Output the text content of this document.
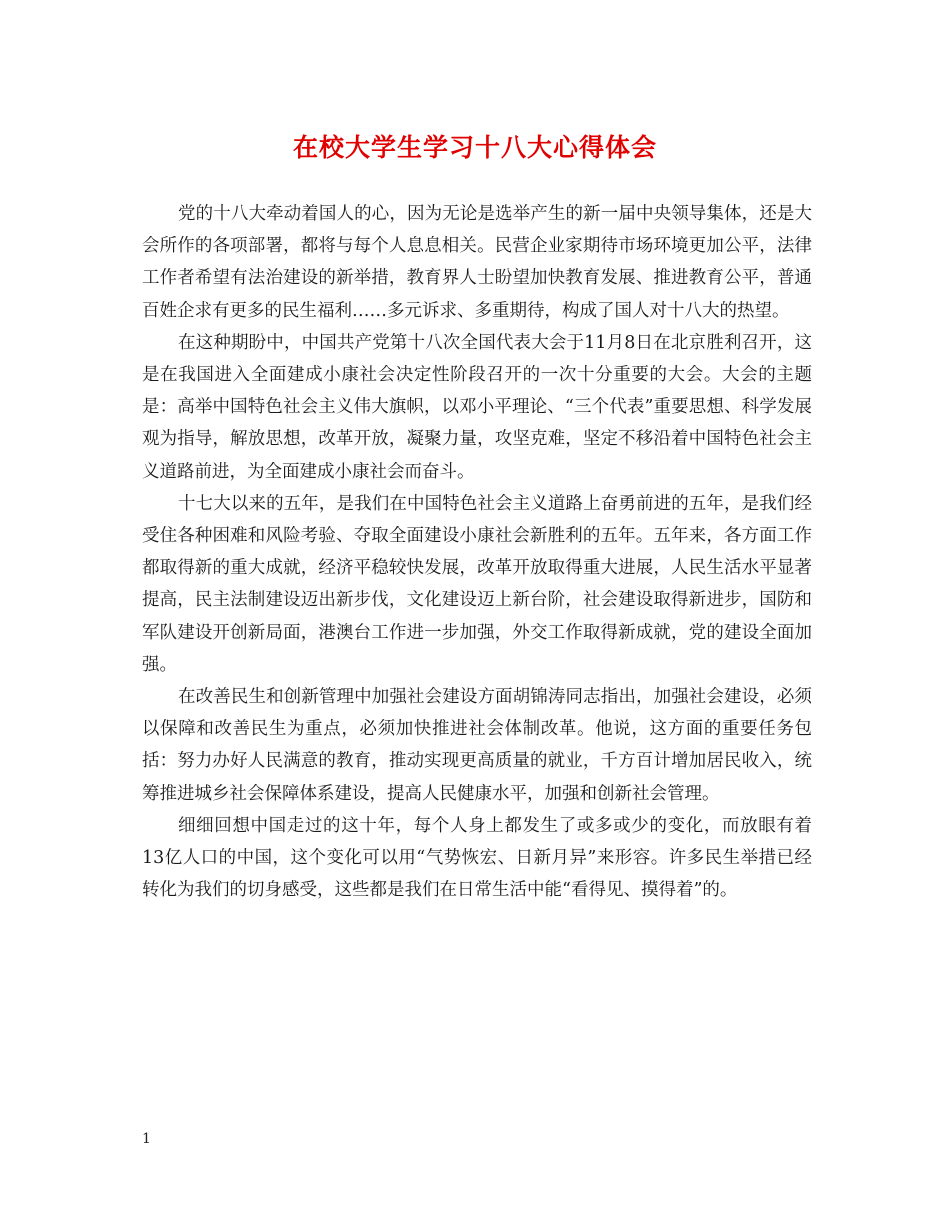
在校大学生学习十八大心得体会

党的十八大牵动着国人的心，因为无论是选举产生的新一届中央领导集体，还是大会所作的各项部署，都将与每个人息息相关。民营企业家期待市场环境更加公平，法律工作者希望有法治建设的新举措，教育界人士盼望加快教育发展、推进教育公平，普通百姓企求有更多的民生福利……多元诉求、多重期待，构成了国人对十八大的热望。

在这种期盼中，中国共产党第十八次全国代表大会于11月8日在北京胜利召开，这是在我国进入全面建成小康社会决定性阶段召开的一次十分重要的大会。大会的主题是：高举中国特色社会主义伟大旗帜，以邓小平理论、“三个代表”重要思想、科学发展观为指导，解放思想，改革开放，凝聚力量，攻坚克难，坚定不移沿着中国特色社会主义道路前进，为全面建成小康社会而奋斗。

十七大以来的五年，是我们在中国特色社会主义道路上奋勇前进的五年，是我们经受住各种困难和风险考验、夺取全面建设小康社会新胜利的五年。五年来，各方面工作都取得新的重大成就，经济平稳较快发展，改革开放取得重大进展，人民生活水平显著提高，民主法制建设迈出新步伐，文化建设迈上新台阶，社会建设取得新进步，国防和军队建设开创新局面，港澳台工作进一步加强，外交工作取得新成就，党的建设全面加强。

在改善民生和创新管理中加强社会建设方面胡锦涛同志指出，加强社会建设，必须以保障和改善民生为重点，必须加快推进社会体制改革。他说，这方面的重要任务包括：努力办好人民满意的教育，推动实现更高质量的就业，千方百计增加居民收入，统筹推进城乡社会保障体系建设，提高人民健康水平，加强和创新社会管理。

细细回想中国走过的这十年，每个人身上都发生了或多或少的变化，而放眼有着13亿人口的中国，这个变化可以用“气势恢宏、日新月异”来形容。许多民生举措已经转化为我们的切身感受，这些都是我们在日常生活中能“看得见、摸得着”的。

1
